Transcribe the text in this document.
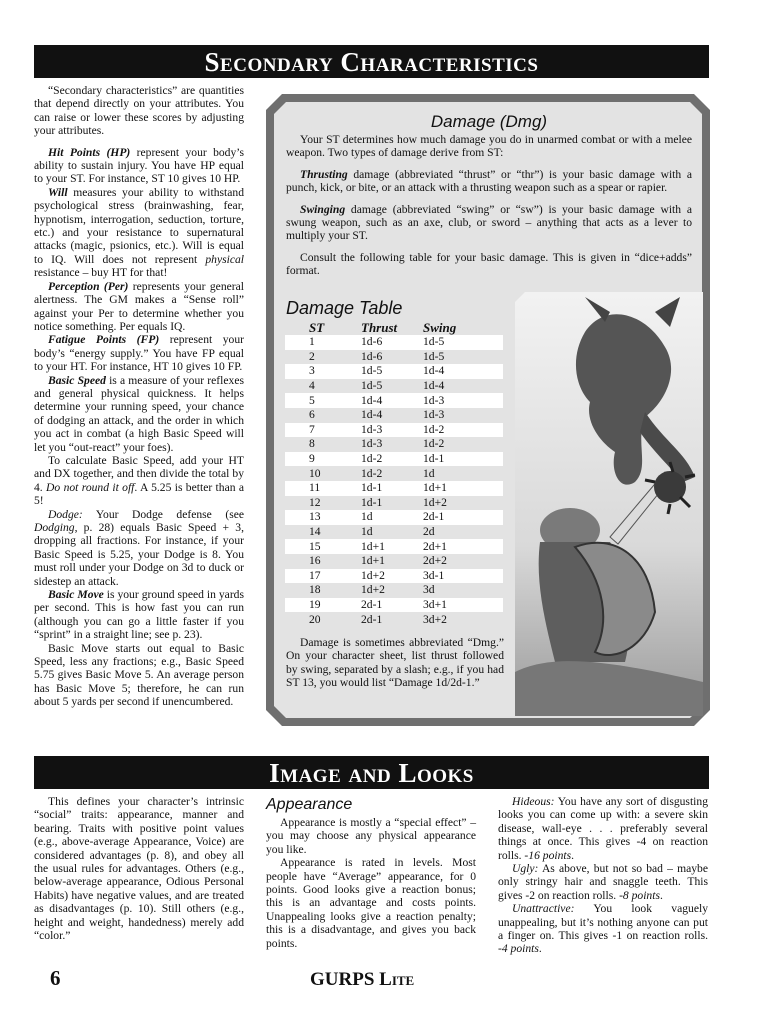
Secondary Characteristics

“Secondary characteristics” are quantities that depend directly on your attributes. You can raise or lower these scores by adjusting your attributes.

Hit Points (HP) represent your body’s ability to sustain injury. You have HP equal to your ST. For instance, ST 10 gives 10 HP.

Will measures your ability to withstand psychological stress (brainwashing, fear, hypnotism, interrogation, seduction, torture, etc.) and your resistance to supernatural attacks (magic, psionics, etc.). Will is equal to IQ. Will does not represent physical resistance – buy HT for that!

Perception (Per) represents your general alertness. The GM makes a “Sense roll” against your Per to determine whether you notice something. Per equals IQ.

Fatigue Points (FP) represent your body’s “energy supply.” You have FP equal to your HT. For instance, HT 10 gives 10 FP.

Basic Speed is a measure of your reflexes and general physical quickness. It helps determine your running speed, your chance of dodging an attack, and the order in which you act in combat (a high Basic Speed will let you “out-react” your foes).

To calculate Basic Speed, add your HT and DX together, and then divide the total by 4. Do not round it off. A 5.25 is better than a 5!

Dodge: Your Dodge defense (see Dodging, p. 28) equals Basic Speed + 3, dropping all fractions. For instance, if your Basic Speed is 5.25, your Dodge is 8. You must roll under your Dodge on 3d to duck or sidestep an attack.

Basic Move is your ground speed in yards per second. This is how fast you can run (although you can go a little faster if you “sprint” in a straight line; see p. 23).

Basic Move starts out equal to Basic Speed, less any fractions; e.g., Basic Speed 5.75 gives Basic Move 5. An average person has Basic Move 5; therefore, he can run about 5 yards per second if unencumbered.

Damage (Dmg)

Your ST determines how much damage you do in unarmed combat or with a melee weapon. Two types of damage derive from ST:

Thrusting damage (abbreviated “thrust” or “thr”) is your basic damage with a punch, kick, or bite, or an attack with a thrusting weapon such as a spear or rapier.

Swinging damage (abbreviated “swing” or “sw”) is your basic damage with a swung weapon, such as an axe, club, or sword – anything that acts as a lever to multiply your ST.

Consult the following table for your basic damage. This is given in “dice+adds” format.

Damage Table
ST	Thrust	Swing
1	1d-6	1d-5
2	1d-6	1d-5
3	1d-5	1d-4
4	1d-5	1d-4
5	1d-4	1d-3
6	1d-4	1d-3
7	1d-3	1d-2
8	1d-3	1d-2
9	1d-2	1d-1
10	1d-2	1d
11	1d-1	1d+1
12	1d-1	1d+2
13	1d	2d-1
14	1d	2d
15	1d+1	2d+1
16	1d+1	2d+2
17	1d+2	3d-1
18	1d+2	3d
19	2d-1	3d+1
20	2d-1	3d+2

Damage is sometimes abbreviated “Dmg.” On your character sheet, list thrust followed by swing, separated by a slash; e.g., if you had ST 13, you would list “Damage 1d/2d-1.”

Image and Looks

This defines your character’s intrinsic “social” traits: appearance, manner and bearing. Traits with positive point values (e.g., above-average Appearance, Voice) are considered advantages (p. 8), and obey all the usual rules for advantages. Others (e.g., below-average appearance, Odious Personal Habits) have negative values, and are treated as disadvantages (p. 10). Still others (e.g., height and weight, handedness) merely add “color.”

Appearance

Appearance is mostly a “special effect” – you may choose any physical appearance you like.

Appearance is rated in levels. Most people have “Average” appearance, for 0 points. Good looks give a reaction bonus; this is an advantage and costs points. Unappealing looks give a reaction penalty; this is a disadvantage, and gives you back points.

Hideous: You have any sort of disgusting looks you can come up with: a severe skin disease, wall-eye . . . preferably several things at once. This gives -4 on reaction rolls. -16 points.

Ugly: As above, but not so bad – maybe only stringy hair and snaggle teeth. This gives -2 on reaction rolls. -8 points.

Unattractive: You look vaguely unappealing, but it’s nothing anyone can put a finger on. This gives -1 on reaction rolls. -4 points.

6	GURPS Lite
